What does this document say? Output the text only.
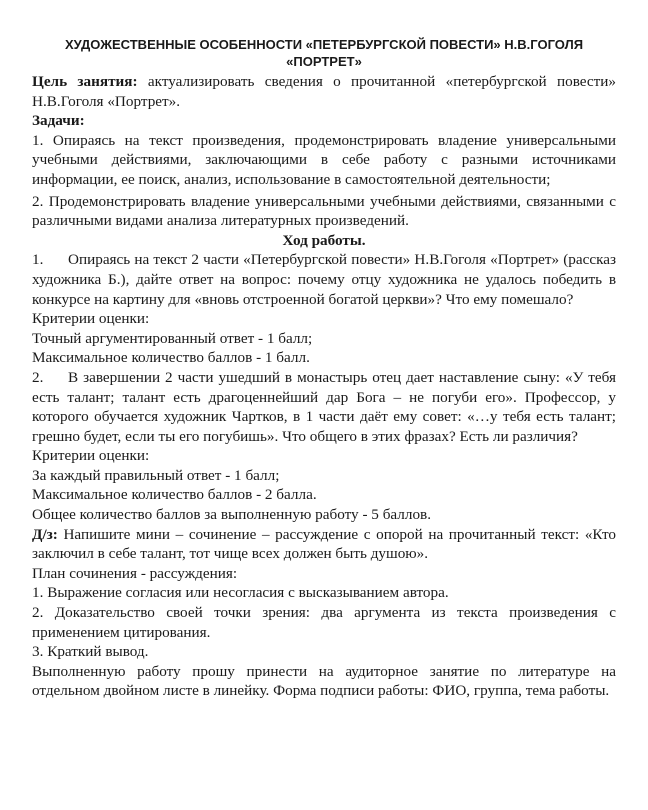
ХУДОЖЕСТВЕННЫЕ ОСОБЕННОСТИ «ПЕТЕРБУРГСКОЙ ПОВЕСТИ» Н.В.ГОГОЛЯ «ПОРТРЕТ»

Цель занятия: актуализировать сведения о прочитанной «петербургской повести» Н.В.Гоголя «Портрет».

Задачи:

1. Опираясь на текст произведения, продемонстрировать владение универсальными учебными действиями, заключающими в себе работу с разными источниками информации, ее поиск, анализ, использование в самостоятельной деятельности;

2. Продемонстрировать владение универсальными учебными действиями, связанными с различными видами анализа литературных произведений.

Ход работы.

1. Опираясь на текст 2 части «Петербургской повести» Н.В.Гоголя «Портрет» (рассказ художника Б.), дайте ответ на вопрос: почему отцу художника не удалось победить в конкурсе на картину для «вновь отстроенной богатой церкви»? Что ему помешало?

Критерии оценки:

Точный аргументированный ответ - 1 балл;

Максимальное количество баллов - 1 балл.

2. В завершении 2 части ушедший в монастырь отец дает наставление сыну: «У тебя есть талант; талант есть драгоценнейший дар Бога – не погуби его». Профессор, у которого обучается художник Чартков, в 1 части даёт ему совет: «…у тебя есть талант; грешно будет, если ты его погубишь». Что общего в этих фразах? Есть ли различия?

Критерии оценки:

За каждый правильный ответ - 1 балл;

Максимальное количество баллов - 2 балла.

Общее количество баллов за выполненную работу - 5 баллов.

Д/з: Напишите мини – сочинение – рассуждение с опорой на прочитанный текст: «Кто заключил в себе талант, тот чище всех должен быть душою».

План сочинения - рассуждения:

1. Выражение согласия или несогласия с высказыванием автора.

2. Доказательство своей точки зрения: два аргумента из текста произведения с применением цитирования.

3. Краткий вывод.

Выполненную работу прошу принести на аудиторное занятие по литературе на отдельном двойном листе в линейку. Форма подписи работы: ФИО, группа, тема работы.
